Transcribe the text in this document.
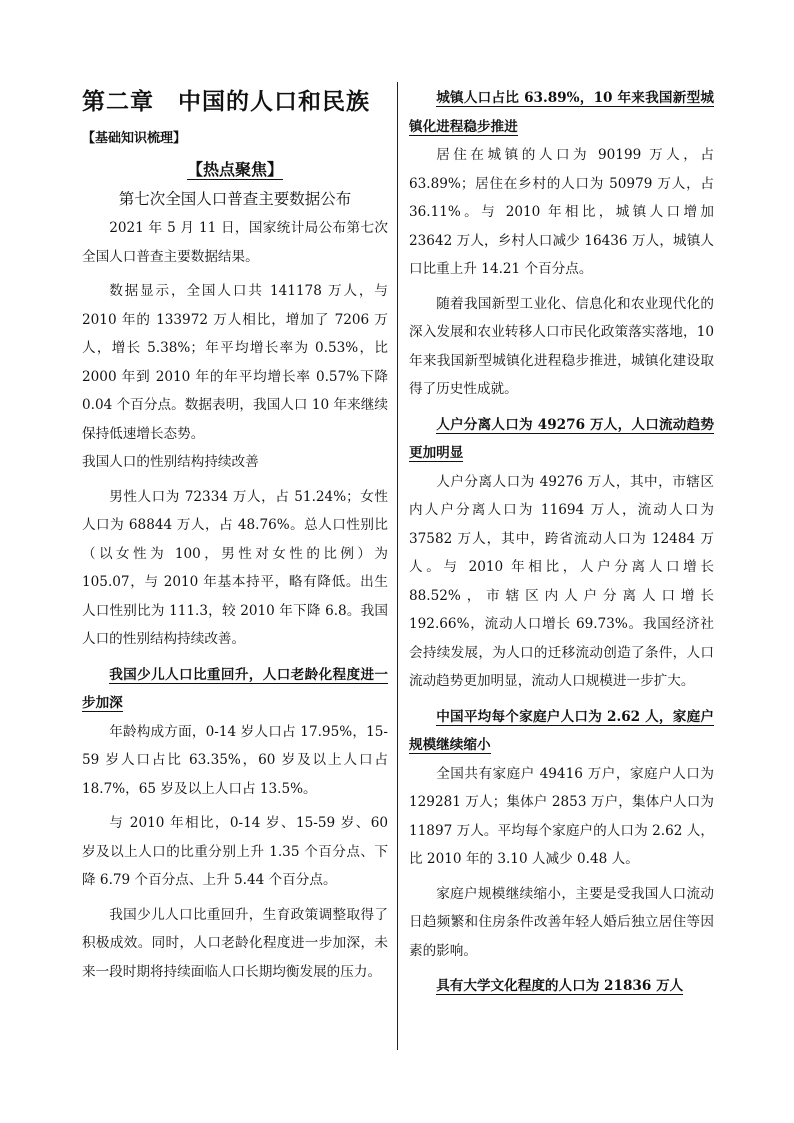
第二章 中国的人口和民族
【基础知识梳理】
【热点聚焦】
第七次全国人口普查主要数据公布

2021 年 5 月 11 日，国家统计局公布第七次全国人口普查主要数据结果。

数据显示，全国人口共 141178 万人，与 2010 年的 133972 万人相比，增加了 7206 万人，增长 5.38%；年平均增长率为 0.53%，比 2000 年到 2010 年的年平均增长率 0.57%下降 0.04 个百分点。数据表明，我国人口 10 年来继续保持低速增长态势。

我国人口的性别结构持续改善

男性人口为 72334 万人，占 51.24%；女性人口为 68844 万人，占 48.76%。总人口性别比（以女性为 100，男性对女性的比例）为 105.07，与 2010 年基本持平，略有降低。出生人口性别比为 111.3，较 2010 年下降 6.8。我国人口的性别结构持续改善。

我国少儿人口比重回升，人口老龄化程度进一步加深

年龄构成方面，0-14 岁人口占 17.95%，15-59 岁人口占比 63.35%，60 岁及以上人口占 18.7%，65 岁及以上人口占 13.5%。

与 2010 年相比，0-14 岁、15-59 岁、60 岁及以上人口的比重分别上升 1.35 个百分点、下降 6.79 个百分点、上升 5.44 个百分点。

我国少儿人口比重回升，生育政策调整取得了积极成效。同时，人口老龄化程度进一步加深，未来一段时期将持续面临人口长期均衡发展的压力。

城镇人口占比 63.89%，10 年来我国新型城镇化进程稳步推进

居住在城镇的人口为 90199 万人，占 63.89%；居住在乡村的人口为 50979 万人，占 36.11%。与 2010 年相比，城镇人口增加 23642 万人，乡村人口减少 16436 万人，城镇人口比重上升 14.21 个百分点。

随着我国新型工业化、信息化和农业现代化的深入发展和农业转移人口市民化政策落实落地，10 年来我国新型城镇化进程稳步推进，城镇化建设取得了历史性成就。

人户分离人口为 49276 万人，人口流动趋势更加明显

人户分离人口为 49276 万人，其中，市辖区内人户分离人口为 11694 万人，流动人口为 37582 万人，其中，跨省流动人口为 12484 万人。与 2010 年相比，人户分离人口增长 88.52%，市辖区内人户分离人口增长 192.66%，流动人口增长 69.73%。我国经济社会持续发展，为人口的迁移流动创造了条件，人口流动趋势更加明显，流动人口规模进一步扩大。

中国平均每个家庭户人口为 2.62 人，家庭户规模继续缩小

全国共有家庭户 49416 万户，家庭户人口为 129281 万人；集体户 2853 万户，集体户人口为 11897 万人。平均每个家庭户的人口为 2.62 人，比 2010 年的 3.10 人减少 0.48 人。

家庭户规模继续缩小，主要是受我国人口流动日趋频繁和住房条件改善年轻人婚后独立居住等因素的影响。

具有大学文化程度的人口为 21836 万人
